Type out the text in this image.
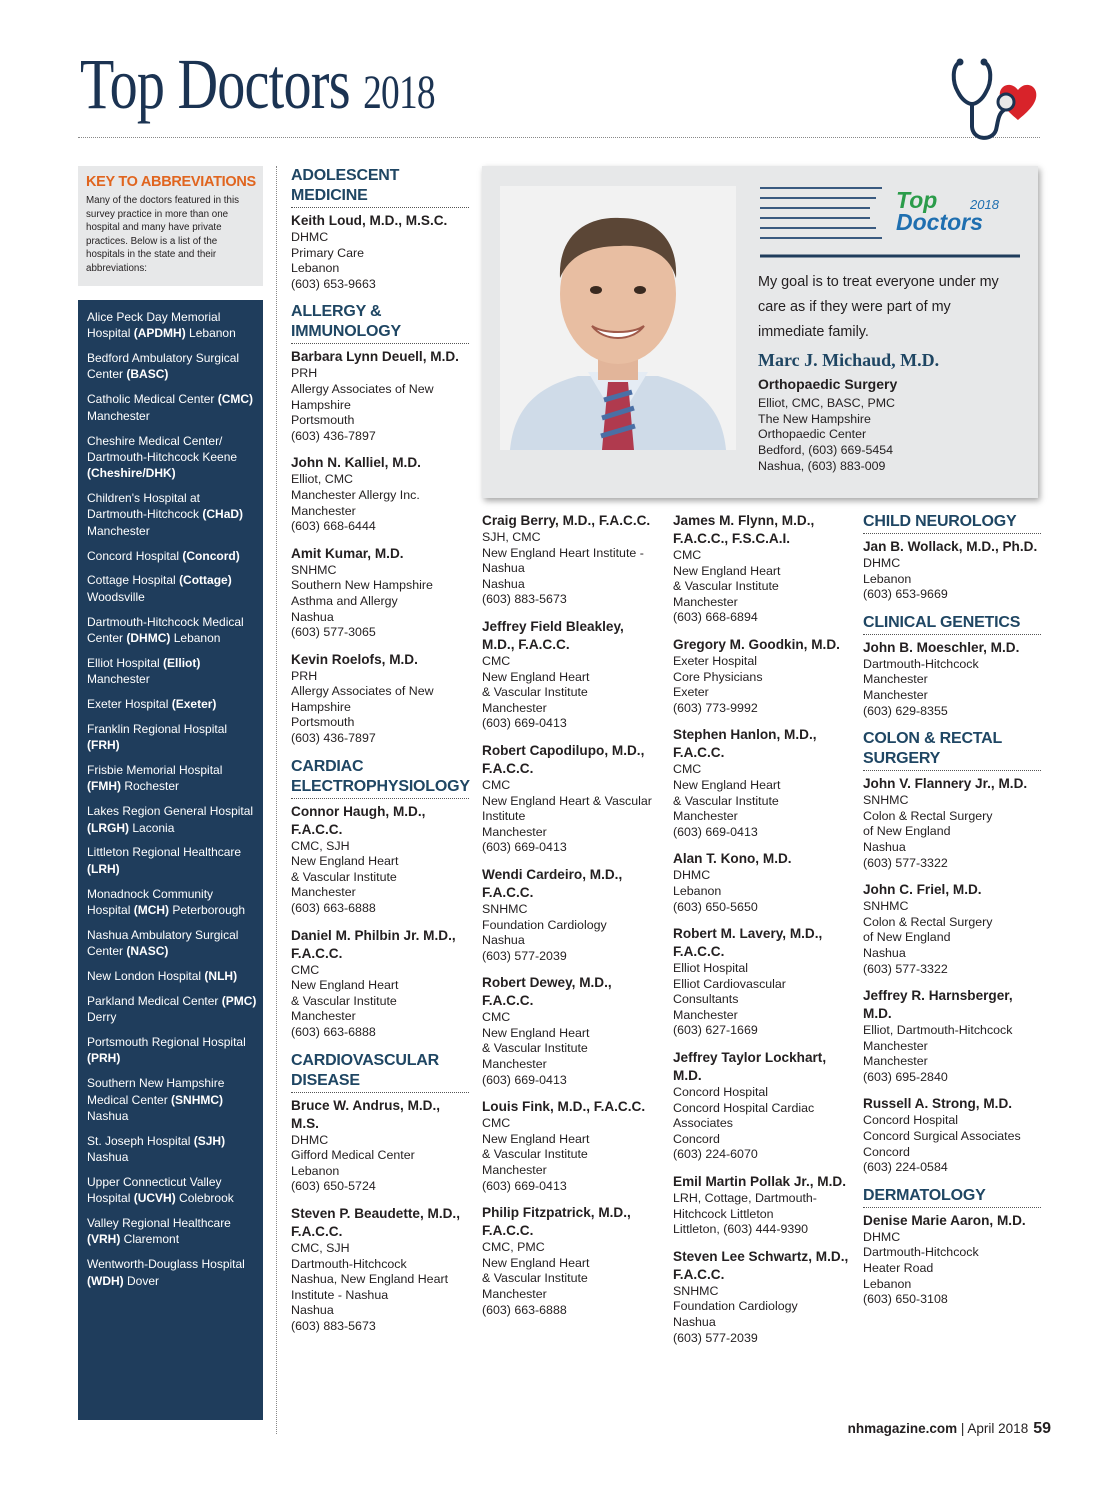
Top Doctors 2018
KEY TO ABBREVIATIONS

Many of the doctors featured in this survey practice in more than one hospital and many have private practices. Below is a list of the hospitals in the state and their abbreviations:

Alice Peck Day Memorial Hospital (APDMH) Lebanon
Bedford Ambulatory Surgical Center (BASC)
Catholic Medical Center (CMC) Manchester
Cheshire Medical Center/ Dartmouth-Hitchcock Keene (Cheshire/DHK)
Children's Hospital at Dartmouth-Hitchcock (CHaD) Manchester
Concord Hospital (Concord)
Cottage Hospital (Cottage) Woodsville
Dartmouth-Hitchcock Medical Center (DHMC) Lebanon
Elliot Hospital (Elliot) Manchester
Exeter Hospital (Exeter)
Franklin Regional Hospital (FRH)
Frisbie Memorial Hospital (FMH) Rochester
Lakes Region General Hospital (LRGH) Laconia
Littleton Regional Healthcare (LRH)
Monadnock Community Hospital (MCH) Peterborough
Nashua Ambulatory Surgical Center (NASC)
New London Hospital (NLH)
Parkland Medical Center (PMC) Derry
Portsmouth Regional Hospital (PRH)
Southern New Hampshire Medical Center (SNHMC) Nashua
St. Joseph Hospital (SJH) Nashua
Upper Connecticut Valley Hospital (UCVH) Colebrook
Valley Regional Healthcare (VRH) Claremont
Wentworth-Douglass Hospital (WDH) Dover
ADOLESCENT MEDICINE
Keith Loud, M.D., M.S.C.
DHMC
Primary Care
Lebanon
(603) 653-9663
ALLERGY & IMMUNOLOGY
Barbara Lynn Deuell, M.D.
PRH
Allergy Associates of New Hampshire
Portsmouth
(603) 436-7897
John N. Kalliel, M.D.
Elliot, CMC
Manchester Allergy Inc.
Manchester
(603) 668-6444
Amit Kumar, M.D.
SNHMC
Southern New Hampshire Asthma and Allergy
Nashua
(603) 577-3065
Kevin Roelofs, M.D.
PRH
Allergy Associates of New Hampshire
Portsmouth
(603) 436-7897
CARDIAC ELECTROPHYSIOLOGY
Connor Haugh, M.D., F.A.C.C.
CMC, SJH
New England Heart
& Vascular Institute
Manchester
(603) 663-6888
Daniel M. Philbin Jr. M.D., F.A.C.C.
CMC
New England Heart
& Vascular Institute
Manchester
(603) 663-6888
CARDIOVASCULAR DISEASE
Bruce W. Andrus, M.D., M.S.
DHMC
Gifford Medical Center
Lebanon
(603) 650-5724
Steven P. Beaudette, M.D., F.A.C.C.
CMC, SJH
Dartmouth-Hitchcock
Nashua, New England Heart Institute - Nashua
Nashua
(603) 883-5673
Craig Berry, M.D., F.A.C.C.
SJH, CMC
New England Heart Institute - Nashua
Nashua
(603) 883-5673
Jeffrey Field Bleakley, M.D., F.A.C.C.
CMC
New England Heart
& Vascular Institute
Manchester
(603) 669-0413
Robert Capodilupo, M.D., F.A.C.C.
CMC
New England Heart & Vascular Institute
Manchester
(603) 669-0413
Wendi Cardeiro, M.D., F.A.C.C.
SNHMC
Foundation Cardiology
Nashua
(603) 577-2039
Robert Dewey, M.D., F.A.C.C.
CMC
New England Heart
& Vascular Institute
Manchester
(603) 669-0413
Louis Fink, M.D., F.A.C.C.
CMC
New England Heart
& Vascular Institute
Manchester
(603) 669-0413
Philip Fitzpatrick, M.D., F.A.C.C.
CMC, PMC
New England Heart
& Vascular Institute
Manchester
(603) 663-6888
James M. Flynn, M.D., F.A.C.C., F.S.C.A.I.
CMC
New England Heart
& Vascular Institute
Manchester
(603) 668-6894
Gregory M. Goodkin, M.D.
Exeter Hospital
Core Physicians
Exeter
(603) 773-9992
Stephen Hanlon, M.D., F.A.C.C.
CMC
New England Heart
& Vascular Institute
Manchester
(603) 669-0413
Alan T. Kono, M.D.
DHMC
Lebanon
(603) 650-5650
Robert M. Lavery, M.D., F.A.C.C.
Elliot Hospital
Elliot Cardiovascular Consultants
Manchester
(603) 627-1669
Jeffrey Taylor Lockhart, M.D.
Concord Hospital
Concord Hospital Cardiac Associates
Concord
(603) 224-6070
Emil Martin Pollak Jr., M.D.
LRH, Cottage, Dartmouth-Hitchcock Littleton
Littleton, (603) 444-9390
Steven Lee Schwartz, M.D., F.A.C.C.
SNHMC
Foundation Cardiology
Nashua
(603) 577-2039
CHILD NEUROLOGY
Jan B. Wollack, M.D., Ph.D.
DHMC
Lebanon
(603) 653-9669
CLINICAL GENETICS
John B. Moeschler, M.D.
Dartmouth-Hitchcock
Manchester
Manchester
(603) 629-8355
COLON & RECTAL SURGERY
John V. Flannery Jr., M.D.
SNHMC
Colon & Rectal Surgery
of New England
Nashua
(603) 577-3322
John C. Friel, M.D.
SNHMC
Colon & Rectal Surgery
of New England
Nashua
(603) 577-3322
Jeffrey R. Harnsberger, M.D.
Elliot, Dartmouth-Hitchcock
Manchester
Manchester
(603) 695-2840
Russell A. Strong, M.D.
Concord Hospital
Concord Surgical Associates
Concord
(603) 224-0584
DERMATOLOGY
Denise Marie Aaron, M.D.
DHMC
Dartmouth-Hitchcock
Heater Road
Lebanon
(603) 650-3108
Top
Doctors
2018
My goal is to treat everyone under my care as if they were part of my immediate family.
Marc J. Michaud, M.D.
Orthopaedic Surgery
Elliot, CMC, BASC, PMC
The New Hampshire
Orthopaedic Center
Bedford, (603) 669-5454
Nashua, (603) 883-009
nhmagazine.com | April 2018 59
